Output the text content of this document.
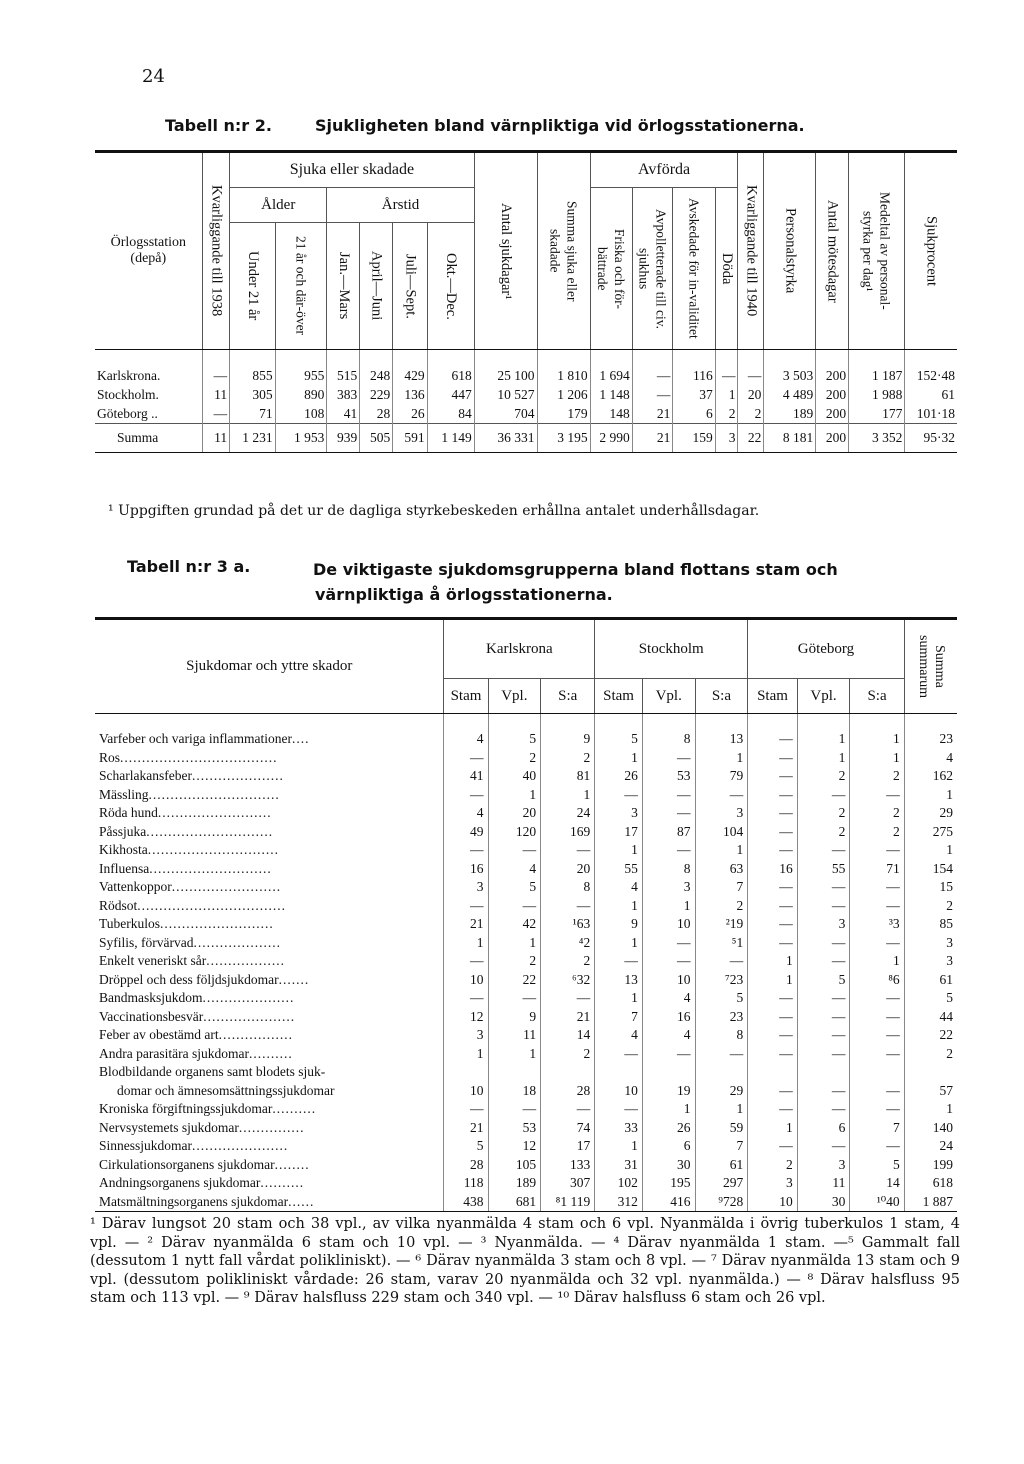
24
Tabell n:r 2.	Sjukligheten bland värnpliktiga vid örlogsstationerna.
Örlogsstation (depå)	Kvarliggande till 1938	Sjuka eller skadade						Antal sjukdagar¹	Summa sjuka eller skadade	Avförda				Kvarliggande till 1940	Personalstyrka	Antal mötesdagar	Medeltal av personal-styrka per dag¹	Sjukprocent

		Ålder		Årstid						Friska och för-bättrade	Avpolletterade till civ. sjukhus	Avskedade för in-validitet	Döda					

		Under 21 år	21 år och där-över	Jan.—Mars	April—Juni	Juli—Sept.	Okt.—Dec.											

Karlskrona.	—	855	955	515	248	429	618	25 100	1 810	1 694	—	116	—	—	3 503	200	1 187	152·48
Stockholm.	11	305	890	383	229	136	447	10 527	1 206	1 148	—	37	1	20	4 489	200	1 988	61
Göteborg ..	—	71	108	41	28	26	84	704	179	148	21	6	2	2	189	200	177	101·18
Summa	11	1 231	1 953	939	505	591	1 149	36 331	3 195	2 990	21	159	3	22	8 181	200	3 352	95·32
¹ Uppgiften grundad på det ur de dagliga styrkebeskeden erhållna antalet underhållsdagar.
Tabell n:r 3 a.	De viktigaste sjukdomsgrupperna bland flottans stam och
värnpliktiga å örlogsstationerna.
Sjukdomar och yttre skador	Karlskrona			Stockholm			Göteborg			Summa summarum

	Stam	Vpl.	S:a	Stam	Vpl.	S:a	Stam	Vpl.	S:a	
Varfeber och variga inflammationer....	4	5	9	5	8	13	—	1	1	23
Ros....................................	—	2	2	1	—	1	—	1	1	4
Scharlakansfeber.....................	41	40	81	26	53	79	—	2	2	162
Mässling..............................	—	1	1	—	—	—	—	—	—	1
Röda hund..........................	4	20	24	3	—	3	—	2	2	29
Påssjuka.............................	49	120	169	17	87	104	—	2	2	275
Kikhosta..............................	—	—	—	1	—	1	—	—	—	1
Influensa............................	16	4	20	55	8	63	16	55	71	154
Vattenkoppor.........................	3	5	8	4	3	7	—	—	—	15
Rödsot..................................	—	—	—	1	1	2	—	—	—	2
Tuberkulos..........................	21	42	¹63	9	10	²19	—	3	³3	85
Syfilis, förvärvad....................	1	1	⁴2	1	—	⁵1	—	—	—	3
Enkelt veneriskt sår..................	—	2	2	—	—	—	1	—	1	3
Dröppel och dess följdsjukdomar.......	10	22	⁶32	13	10	⁷23	1	5	⁸6	61
Bandmasksjukdom.....................	—	—	—	1	4	5	—	—	—	5
Vaccinationsbesvär.....................	12	9	21	7	16	23	—	—	—	44
Feber av obestämd art.................	3	11	14	4	4	8	—	—	—	22
Andra parasitära sjukdomar..........	1	1	2	—	—	—	—	—	—	2
Blodbildande organens samt blodets sjuk-										
domar och ämnesomsättningssjukdomar	10	18	28	10	19	29	—	—	—	57
Kroniska förgiftningssjukdomar..........	—	—	—	—	1	1	—	—	—	1
Nervsystemets sjukdomar...............	21	53	74	33	26	59	1	6	7	140
Sinnessjukdomar......................	5	12	17	1	6	7	—	—	—	24
Cirkulationsorganens sjukdomar........	28	105	133	31	30	61	2	3	5	199
Andningsorganens sjukdomar..........	118	189	307	102	195	297	3	11	14	618
Matsmältningsorganens sjukdomar......	438	681	⁸1 119	312	416	⁹728	10	30	¹⁰40	1 887
¹ Därav lungsot 20 stam och 38 vpl., av vilka nyanmälda 4 stam och 6 vpl. Nyanmälda i övrig tuberkulos 1 stam, 4 vpl. — ² Därav nyanmälda 6 stam och 10 vpl. — ³ Nyanmälda. — ⁴ Därav nyanmälda 1 stam. —⁵ Gammalt fall (dessutom 1 nytt fall vårdat polikliniskt). — ⁶ Därav nyanmälda 3 stam och 8 vpl. — ⁷ Därav nyanmälda 13 stam och 9 vpl. (dessutom polikliniskt vårdade: 26 stam, varav 20 nyanmälda och 32 vpl. nyanmälda.) — ⁸ Därav halsfluss 95 stam och 113 vpl. — ⁹ Därav halsfluss 229 stam och 340 vpl. — ¹⁰ Därav halsfluss 6 stam och 26 vpl.
